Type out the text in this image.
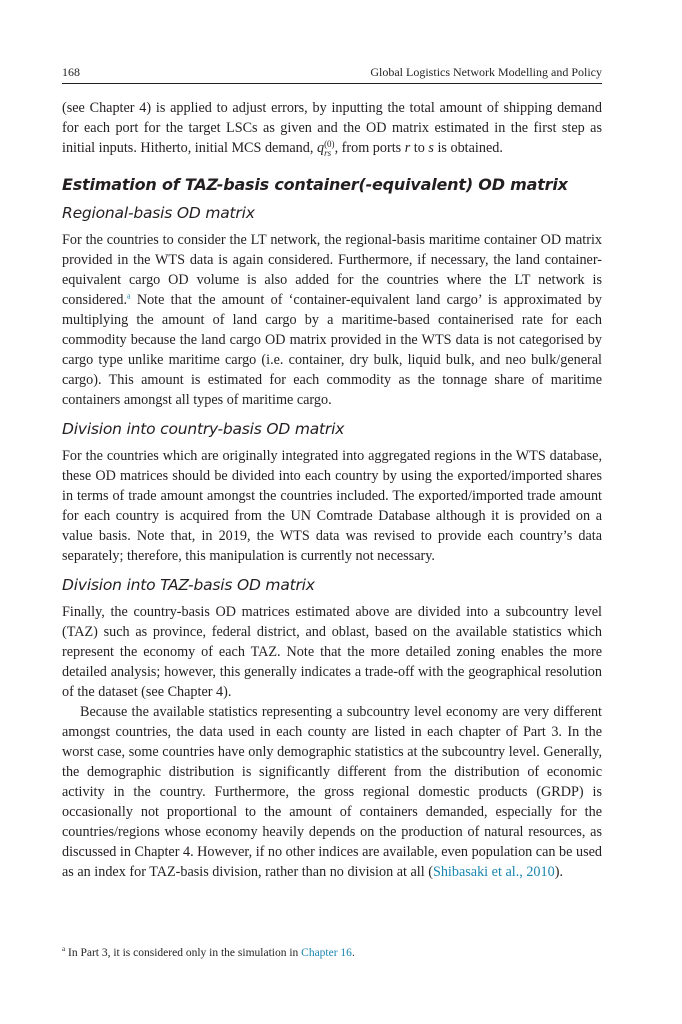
168	Global Logistics Network Modelling and Policy

(see Chapter 4) is applied to adjust errors, by inputting the total amount of shipping demand for each port for the target LSCs as given and the OD matrix estimated in the first step as initial inputs. Hitherto, initial MCS demand, q (0)
rs , from ports r to s is obtained.

Estimation of TAZ-basis container(-equivalent) OD matrix
Regional-basis OD matrix

For the countries to consider the LT network, the regional-basis maritime container OD matrix provided in the WTS data is again considered. Furthermore, if necessary, the land container-equivalent cargo OD volume is also added for the countries where the LT network is considered.$^a$ Note that the amount of ‘container-equivalent land cargo’ is approximated by multiplying the amount of land cargo by a maritime-based containerised rate for each commodity because the land cargo OD matrix provided in the WTS data is not categorised by cargo type unlike maritime cargo (i.e. container, dry bulk, liquid bulk, and neo bulk/general cargo). This amount is estimated for each commodity as the tonnage share of maritime containers amongst all types of maritime cargo.

Division into country-basis OD matrix

For the countries which are originally integrated into aggregated regions in the WTS database, these OD matrices should be divided into each country by using the exported/imported shares in terms of trade amount amongst the countries included. The exported/imported trade amount for each country is acquired from the UN Comtrade Database although it is provided on a value basis. Note that, in 2019, the WTS data was revised to provide each country’s data separately; therefore, this manipulation is currently not necessary.

Division into TAZ-basis OD matrix

Finally, the country-basis OD matrices estimated above are divided into a subcountry level (TAZ) such as province, federal district, and oblast, based on the available statistics which represent the economy of each TAZ. Note that the more detailed zoning enables the more detailed analysis; however, this generally indicates a trade-off with the geographical resolution of the dataset (see Chapter 4).

Because the available statistics representing a subcountry level economy are very different amongst countries, the data used in each county are listed in each chapter of Part 3. In the worst case, some countries have only demographic statistics at the subcountry level. Generally, the demographic distribution is significantly different from the distribution of economic activity in the country. Furthermore, the gross regional domestic products (GRDP) is occasionally not proportional to the amount of containers demanded, especially for the countries/regions whose economy heavily depends on the production of natural resources, as discussed in Chapter 4. However, if no other indices are available, even population can be used as an index for TAZ-basis division, rather than no division at all (Shibasaki et al., 2010).

$^a$ In Part 3, it is considered only in the simulation in Chapter 16.
